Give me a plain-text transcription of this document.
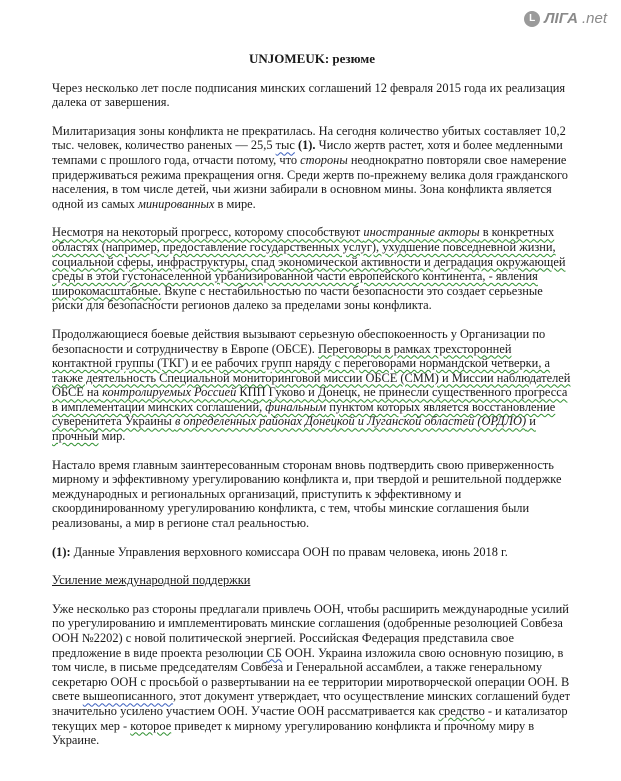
L ЛIГА .net
UNJOMEUK: резюме

Через несколько лет после подписания минских соглашений 12 февраля 2015 года их реализация далека от завершения.

Милитаризация зоны конфликта не прекратилась. На сегодня количество убитых составляет 10,2 тыс. человек, количество раненых — 25,5 тыс (1). Число жертв растет, хотя и более медленными темпами с прошлого года, отчасти потому, что стороны неоднократно повторяли свое намерение придерживаться режима прекращения огня. Среди жертв по-прежнему велика доля гражданского населения, в том числе детей, чьи жизни забирали в основном мины. Зона конфликта является одной из самых минированных в мире.

Несмотря на некоторый прогресс, которому способствуют иностранные акторы в конкретных областях (например, предоставление государственных услуг), ухудшение повседневной жизни, социальной сферы, инфраструктуры, спад экономической активности и деградация окружающей среды в этой густонаселенной урбанизированной части европейского континента, - явления широкомасштабные. Вкупе с нестабильностью по части безопасности это создает серьезные риски для безопасности регионов далеко за пределами зоны конфликта.

Продолжающиеся боевые действия вызывают серьезную обеспокоенность у Организации по безопасности и сотрудничеству в Европе (ОБСЕ). Переговоры в рамках трехсторонней контактной группы (ТКГ) и ее рабочих групп наряду с переговорами нормандской четверки, а также деятельность Специальной мониторинговой миссии ОБСЕ (СММ) и Миссии наблюдателей ОБСЕ на контролируемых Россией КПП Гуково и Донецк, не принесли существенного прогресса в имплементации минских соглашений, финальным пунктом которых является восстановление суверенитета Украины в определенных районах Донецкой и Луганской областей (ОРДЛО) и прочный мир.

Настало время главным заинтересованным сторонам вновь подтвердить свою приверженность мирному и эффективному урегулированию конфликта и, при твердой и решительной поддержке международных и региональных организаций, приступить к эффективному и скоординированному урегулированию конфликта, с тем, чтобы минские соглашения были реализованы, а мир в регионе стал реальностью.

(1): Данные Управления верховного комиссара ООН по правам человека, июнь 2018 г.

Усиление международной поддержки

Уже несколько раз стороны предлагали привлечь ООН, чтобы расширить международные усилий по урегулированию и имплементировать минские соглашения (одобренные резолюцией Совбеза ООН №2202) с новой политической энергией. Российская Федерация представила свое предложение в виде проекта резолюции СБ ООН. Украина изложила свою основную позицию, в том числе, в письме председателям Совбеза и Генеральной ассамблеи, а также генеральному секретарю ООН с просьбой о развертывании на ее территории миротворческой операции ООН. В свете вышеописанного, этот документ утверждает, что осуществление минских соглашений будет значительно усилено участием ООН. Участие ООН рассматривается как средство - и катализатор текущих мер - которое приведет к мирному урегулированию конфликта и прочному миру в Украине.
